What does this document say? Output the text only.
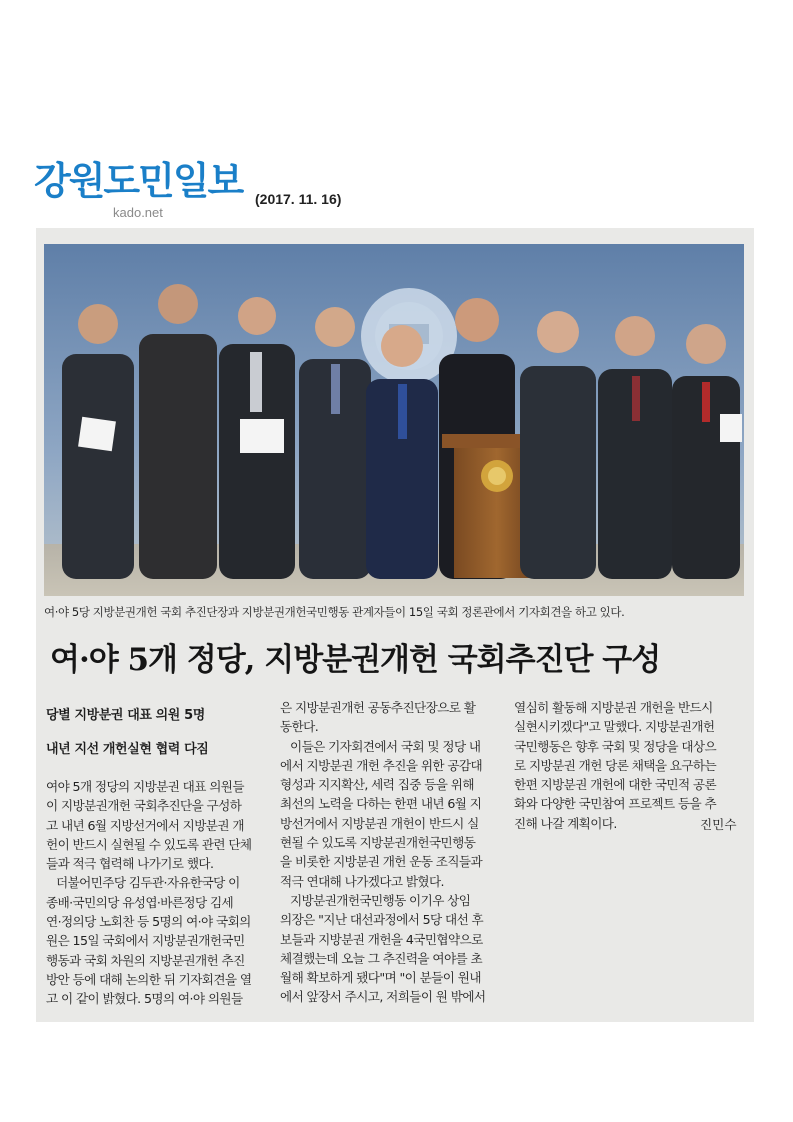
강원도민일보 (2017. 11. 16)
kado.net
여·야 5당 지방분권개헌 국회 추진단장과 지방분권개헌국민행동 관계자들이 15일 국회 정론관에서 기자회견을 하고 있다.
여·야 5개 정당, 지방분권개헌 국회추진단 구성
당별 지방분권 대표 의원 5명
내년 지선 개헌실현 협력 다짐

여야 5개 정당의 지방분권 대표 의원들

이 지방분권개헌 국회추진단을 구성하

고 내년 6월 지방선거에서 지방분권 개

헌이 반드시 실현될 수 있도록 관련 단체

들과 적극 협력해 나가기로 했다.

더불어민주당 김두관·자유한국당 이

종배·국민의당 유성엽·바른정당 김세

연·정의당 노회찬 등 5명의 여·야 국회의

원은 15일 국회에서 지방분권개헌국민

행동과 국회 차원의 지방분권개헌 추진

방안 등에 대해 논의한 뒤 기자회견을 열

고 이 같이 밝혔다. 5명의 여·야 의원들

은 지방분권개헌 공동추진단장으로 활

동한다.

이들은 기자회견에서 국회 및 정당 내

에서 지방분권 개헌 추진을 위한 공감대

형성과 지지확산, 세력 집중 등을 위해

최선의 노력을 다하는 한편 내년 6월 지

방선거에서 지방분권 개헌이 반드시 실

현될 수 있도록 지방분권개헌국민행동

을 비롯한 지방분권 개헌 운동 조직들과

적극 연대해 나가겠다고 밝혔다.

지방분권개헌국민행동 이기우 상임

의장은 "지난 대선과정에서 5당 대선 후

보들과 지방분권 개헌을 4국민협약으로

체결했는데 오늘 그 추진력을 여야를 초

월해 확보하게 됐다"며 "이 분들이 원내

에서 앞장서 주시고, 저희들이 원 밖에서

열심히 활동해 지방분권 개헌을 반드시

실현시키겠다"고 말했다. 지방분권개헌

국민행동은 향후 국회 및 정당을 대상으

로 지방분권 개헌 당론 채택을 요구하는

한편 지방분권 개헌에 대한 국민적 공론

화와 다양한 국민참여 프로젝트 등을 추

진해 나갈 계획이다.	진민수
